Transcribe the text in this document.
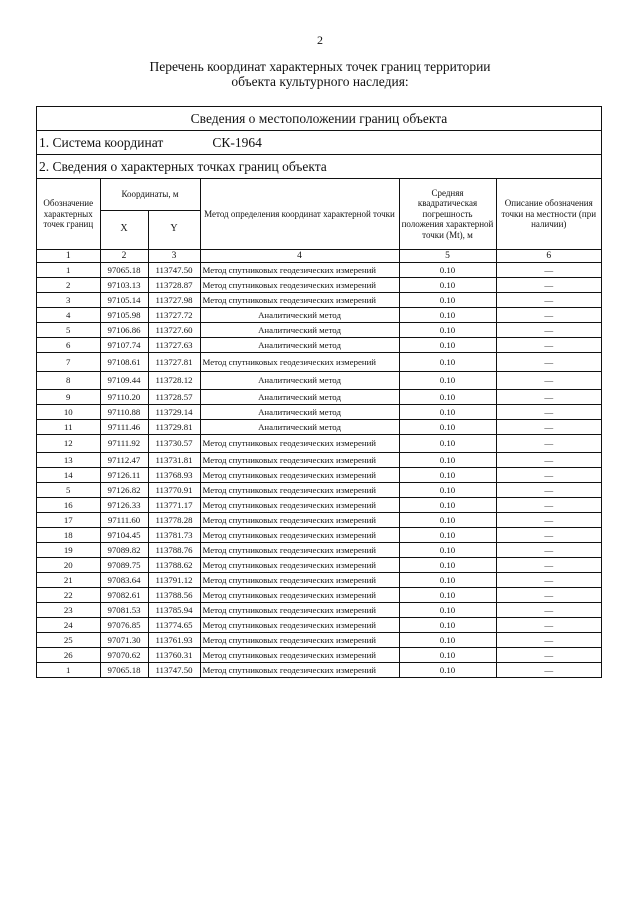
2
Перечень координат характерных точек границ территории
объекта культурного наследия:
Сведения о местоположении границ объекта
1. Система координат	СК-1964
2. Сведения о характерных точках границ объекта
Обозначение характерных точек границ	Координаты, м		Метод определения координат характерной точки	Средняя квадратическая погрешность положения характерной точки (Mt), м	Описание обозначения точки на местности (при наличии)
	X	Y			
1	2	3	4	5	6
1	97065.18	113747.50	Метод спутниковых геодезических измерений	0.10	—
2	97103.13	113728.87	Метод спутниковых геодезических измерений	0.10	—
3	97105.14	113727.98	Метод спутниковых геодезических измерений	0.10	—
4	97105.98	113727.72	Аналитический метод	0.10	—
5	97106.86	113727.60	Аналитический метод	0.10	—
6	97107.74	113727.63	Аналитический метод	0.10	—
7	97108.61	113727.81	Метод спутниковых геодезических измерений	0.10	—
8	97109.44	113728.12	Аналитический метод	0.10	—
9	97110.20	113728.57	Аналитический метод	0.10	—
10	97110.88	113729.14	Аналитический метод	0.10	—
11	97111.46	113729.81	Аналитический метод	0.10	—
12	97111.92	113730.57	Метод спутниковых геодезических измерений	0.10	—
13	97112.47	113731.81	Метод спутниковых геодезических измерений	0.10	—
14	97126.11	113768.93	Метод спутниковых геодезических измерений	0.10	—
5	97126.82	113770.91	Метод спутниковых геодезических измерений	0.10	—
16	97126.33	113771.17	Метод спутниковых геодезических измерений	0.10	—
17	97111.60	113778.28	Метод спутниковых геодезических измерений	0.10	—
18	97104.45	113781.73	Метод спутниковых геодезических измерений	0.10	—
19	97089.82	113788.76	Метод спутниковых геодезических измерений	0.10	—
20	97089.75	113788.62	Метод спутниковых геодезических измерений	0.10	—
21	97083.64	113791.12	Метод спутниковых геодезических измерений	0.10	—
22	97082.61	113788.56	Метод спутниковых геодезических измерений	0.10	—
23	97081.53	113785.94	Метод спутниковых геодезических измерений	0.10	—
24	97076.85	113774.65	Метод спутниковых геодезических измерений	0.10	—
25	97071.30	113761.93	Метод спутниковых геодезических измерений	0.10	—
26	97070.62	113760.31	Метод спутниковых геодезических измерений	0.10	—
1	97065.18	113747.50	Метод спутниковых геодезических измерений	0.10	—
